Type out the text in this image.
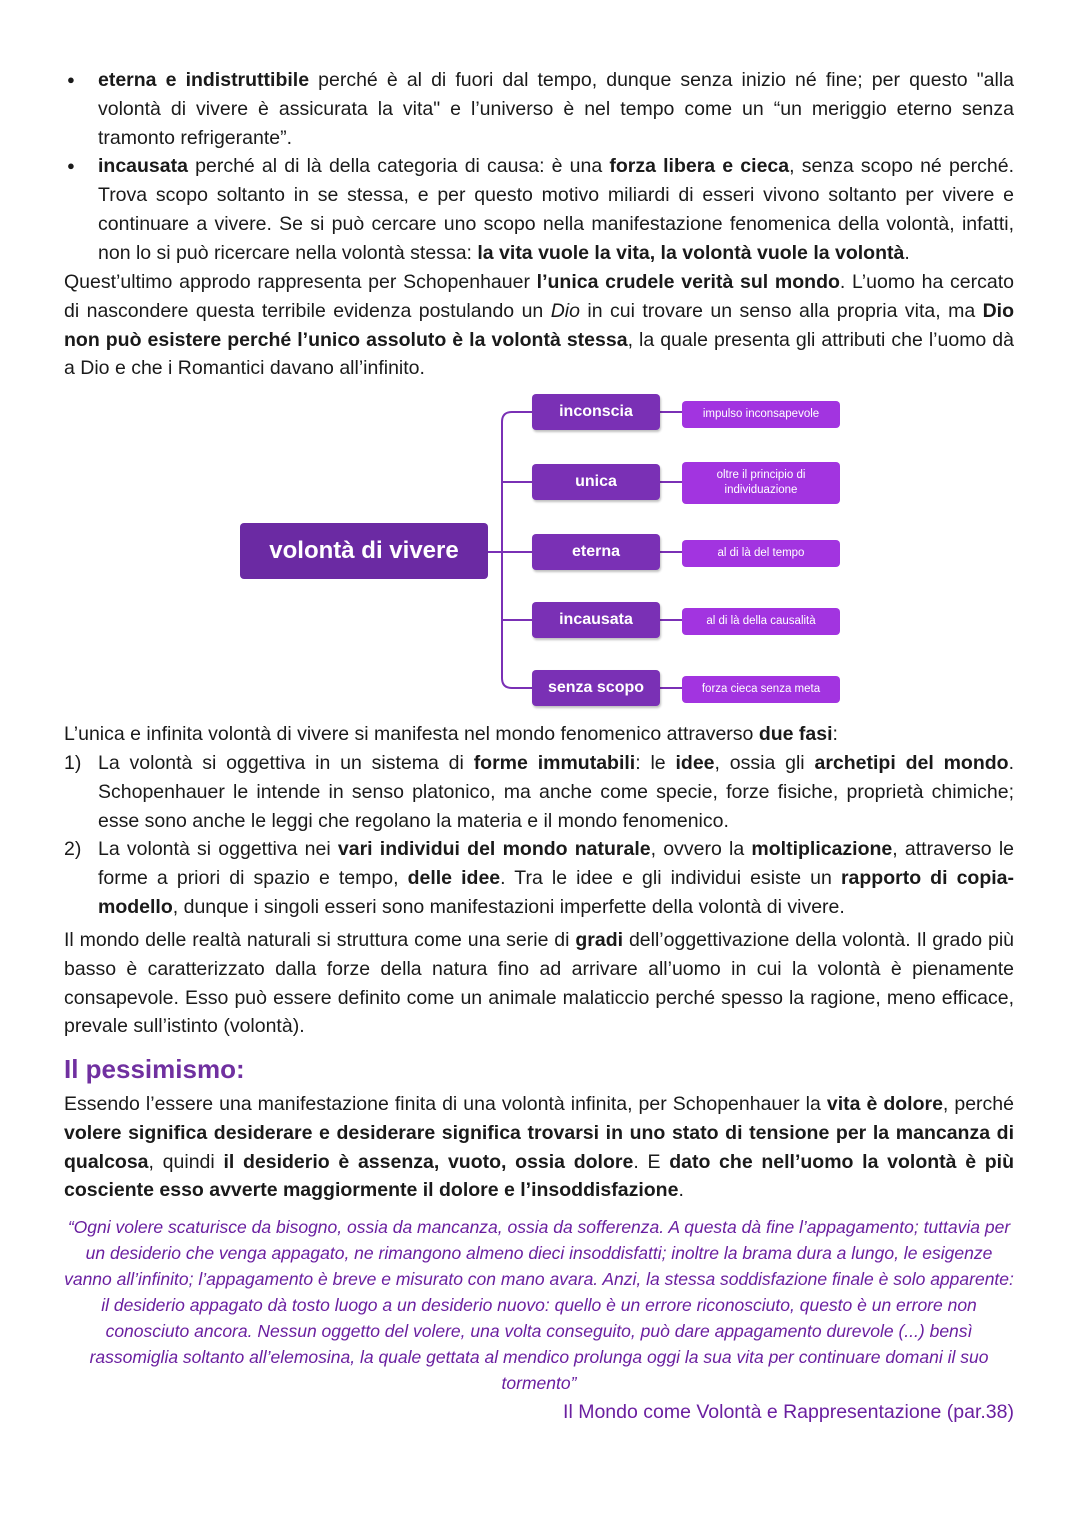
● eterna e indistruttibile perché è al di fuori dal tempo, dunque senza inizio né fine; per questo "alla volontà di vivere è assicurata la vita" e l’universo è nel tempo come un “un meriggio eterno senza tramonto refrigerante”.
● incausata perché al di là della categoria di causa: è una forza libera e cieca, senza scopo né perché. Trova scopo soltanto in se stessa, e per questo motivo miliardi di esseri vivono soltanto per vivere e continuare a vivere. Se si può cercare uno scopo nella manifestazione fenomenica della volontà, infatti, non lo si può ricercare nella volontà stessa: la vita vuole la vita, la volontà vuole la volontà.

Quest’ultimo approdo rappresenta per Schopenhauer l’unica crudele verità sul mondo. L’uomo ha cercato di nascondere questa terribile evidenza postulando un Dio in cui trovare un senso alla propria vita, ma Dio non può esistere perché l’unico assoluto è la volontà stessa, la quale presenta gli attributi che l’uomo dà a Dio e che i Romantici davano all’infinito.

volontà di vivere
inconscia	impulso inconsapevole
unica	oltre il principio di individuazione
eterna	al di là del tempo
incausata	al di là della causalità
senza scopo	forza cieca senza meta

L’unica e infinita volontà di vivere si manifesta nel mondo fenomenico attraverso due fasi:

1) La volontà si oggettiva in un sistema di forme immutabili: le idee, ossia gli archetipi del mondo. Schopenhauer le intende in senso platonico, ma anche come specie, forze fisiche, proprietà chimiche; esse sono anche le leggi che regolano la materia e il mondo fenomenico.
2) La volontà si oggettiva nei vari individui del mondo naturale, ovvero la moltiplicazione, attraverso le forme a priori di spazio e tempo, delle idee. Tra le idee e gli individui esiste un rapporto di copia-modello, dunque i singoli esseri sono manifestazioni imperfette della volontà di vivere.

Il mondo delle realtà naturali si struttura come una serie di gradi dell’oggettivazione della volontà. Il grado più basso è caratterizzato dalla forze della natura fino ad arrivare all’uomo in cui la volontà è pienamente consapevole. Esso può essere definito come un animale malaticcio perché spesso la ragione, meno efficace, prevale sull’istinto (volontà).

Il pessimismo:

Essendo l’essere una manifestazione finita di una volontà infinita, per Schopenhauer la vita è dolore, perché volere significa desiderare e desiderare significa trovarsi in uno stato di tensione per la mancanza di qualcosa, quindi il desiderio è assenza, vuoto, ossia dolore. E dato che nell’uomo la volontà è più cosciente esso avverte maggiormente il dolore e l’insoddisfazione.

“Ogni volere scaturisce da bisogno, ossia da mancanza, ossia da sofferenza. A questa dà fine l’appagamento; tuttavia per un desiderio che venga appagato, ne rimangono almeno dieci insoddisfatti; inoltre la brama dura a lungo, le esigenze vanno all’infinito; l’appagamento è breve e misurato con mano avara. Anzi, la stessa soddisfazione finale è solo apparente: il desiderio appagato dà tosto luogo a un desiderio nuovo: quello è un errore riconosciuto, questo è un errore non conosciuto ancora. Nessun oggetto del volere, una volta conseguito, può dare appagamento durevole (...) bensì rassomiglia soltanto all’elemosina, la quale gettata al mendico prolunga oggi la sua vita per continuare domani il suo tormento”

Il Mondo come Volontà e Rappresentazione (par.38)
